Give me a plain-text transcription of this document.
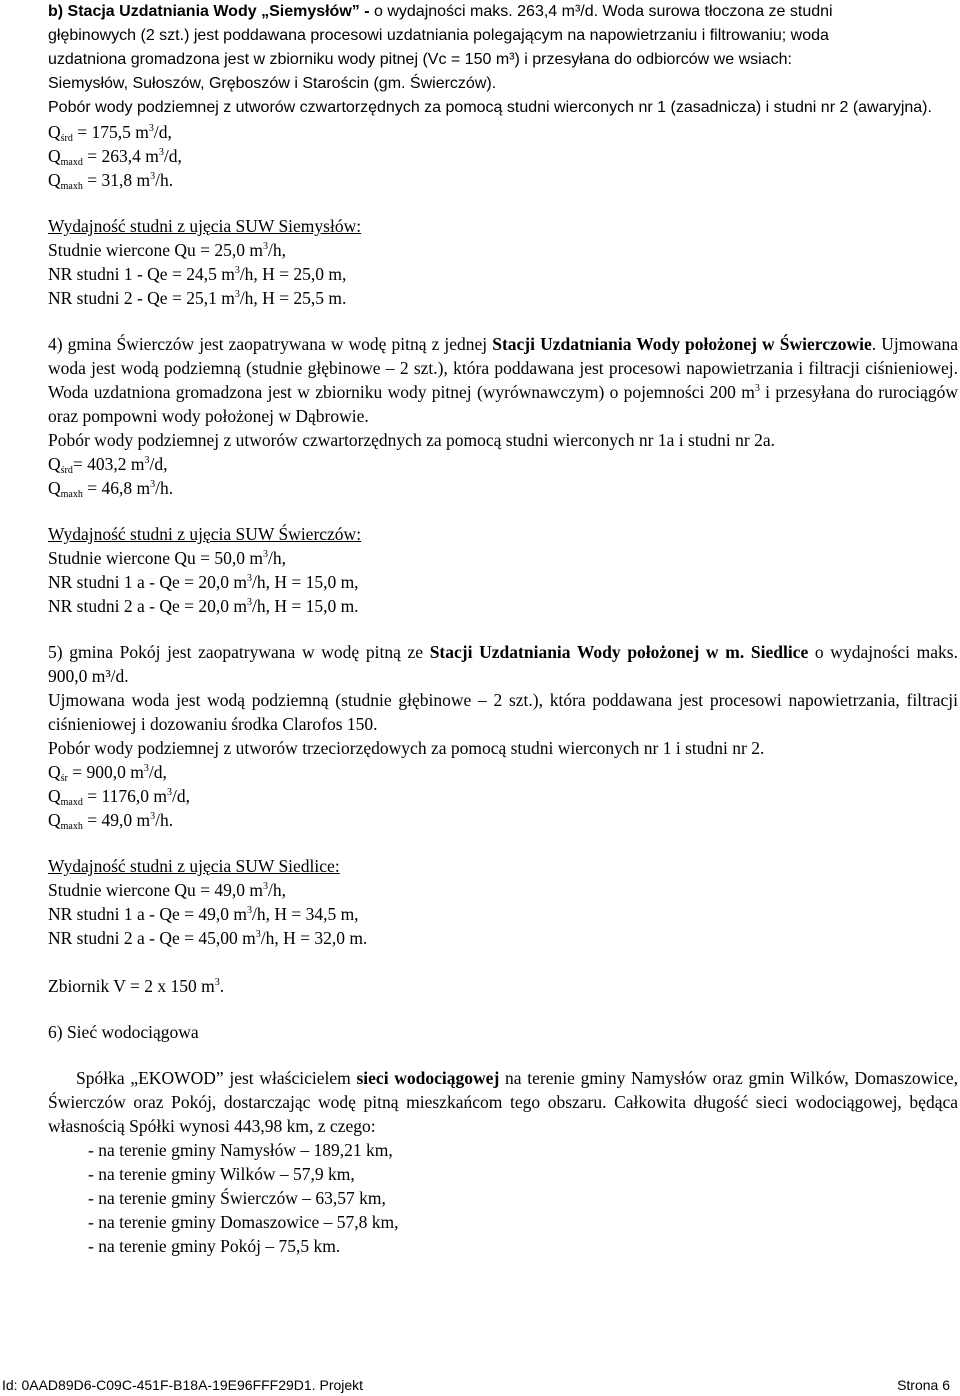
b) Stacja Uzdatniania Wody „Siemysłów” - o wydajności maks. 263,4 m³/d. Woda surowa tłoczona ze studni

głębinowych (2 szt.) jest poddawana procesowi uzdatniania polegającym na napowietrzaniu i filtrowaniu; woda

uzdatniona gromadzona jest w zbiorniku wody pitnej (Vc = 150 m³) i przesyłana do odbiorców we wsiach:

Siemysłów, Sułoszów, Gręboszów i Starościn (gm. Świerczów).

Pobór wody podziemnej z utworów czwartorzędnych za pomocą studni wierconych nr 1 (zasadnicza) i studni nr 2 (awaryjna).

$Q_{śrd} = 175,5$ $m^3/d$,

$Q_{maxd} = 263,4$ $m^3/d$,

$Q_{maxh} = 31,8$ $m^3/h$.

Wydajność studni z ujęcia SUW Siemysłów:

Studnie wiercone Qu = 25,0 $m^3/h$,

NR studni 1 - Qe = 24,5 $m^3/h$, H = 25,0 m,

NR studni 2 - Qe = 25,1 $m^3/h$, H = 25,5 m.

4) gmina Świerczów jest zaopatrywana w wodę pitną z jednej Stacji Uzdatniania Wody położonej w Świerczowie. Ujmowana woda jest wodą podziemną (studnie głębinowe – 2 szt.), która poddawana jest procesowi napowietrzania i filtracji ciśnieniowej. Woda uzdatniona gromadzona jest w zbiorniku wody pitnej (wyrównawczym) o pojemności 200 $m^3$ i przesyłana do rurociągów oraz pompowni wody położonej w Dąbrowie.

Pobór wody podziemnej z utworów czwartorzędnych za pomocą studni wierconych nr 1a i studni nr 2a.

$Q_{śrd}= 403,2$ $m^3/d$,

$Q_{maxh} = 46,8$ $m^3/h$.

Wydajność studni z ujęcia SUW Świerczów:

Studnie wiercone Qu = 50,0 $m^3/h$,

NR studni 1 a - Qe = 20,0 $m^3/h$, H = 15,0 m,

NR studni 2 a - Qe = 20,0 $m^3/h$, H = 15,0 m.

5) gmina Pokój jest zaopatrywana w wodę pitną ze Stacji Uzdatniania Wody położonej w m. Siedlice o wydajności maks. 900,0 m³/d.

Ujmowana woda jest wodą podziemną (studnie głębinowe – 2 szt.), która poddawana jest procesowi napowietrzania, filtracji ciśnieniowej i dozowaniu środka Clarofos 150.

Pobór wody podziemnej z utworów trzeciorzędowych za pomocą studni wierconych nr 1 i studni nr 2.

$Q_{śr} = 900,0$ $m^3/d$,

$Q_{maxd} = 1176,0$ $m^3/d$,

$Q_{maxh} = 49,0$ $m^3/h$.

Wydajność studni z ujęcia SUW Siedlice:

Studnie wiercone Qu = 49,0 $m^3/h$,

NR studni 1 a - Qe = 49,0 $m^3/h$, H = 34,5 m,

NR studni 2 a - Qe = 45,00 $m^3/h$, H = 32,0 m.

Zbiornik V = 2 x 150 $m^3$.

6) Sieć wodociągowa

Spółka „EKOWOD” jest właścicielem sieci wodociągowej na terenie gminy Namysłów oraz gmin Wilków, Domaszowice, Świerczów oraz Pokój, dostarczając wodę pitną mieszkańcom tego obszaru. Całkowita długość sieci wodociągowej, będąca własnością Spółki wynosi 443,98 km, z czego:

- na terenie gminy Namysłów – 189,21 km,

- na terenie gminy Wilków – 57,9 km,

- na terenie gminy Świerczów – 63,57 km,

- na terenie gminy Domaszowice – 57,8 km,

- na terenie gminy Pokój – 75,5 km.

Id: 0AAD89D6-C09C-451F-B18A-19E96FFF29D1. Projekt	Strona 6
